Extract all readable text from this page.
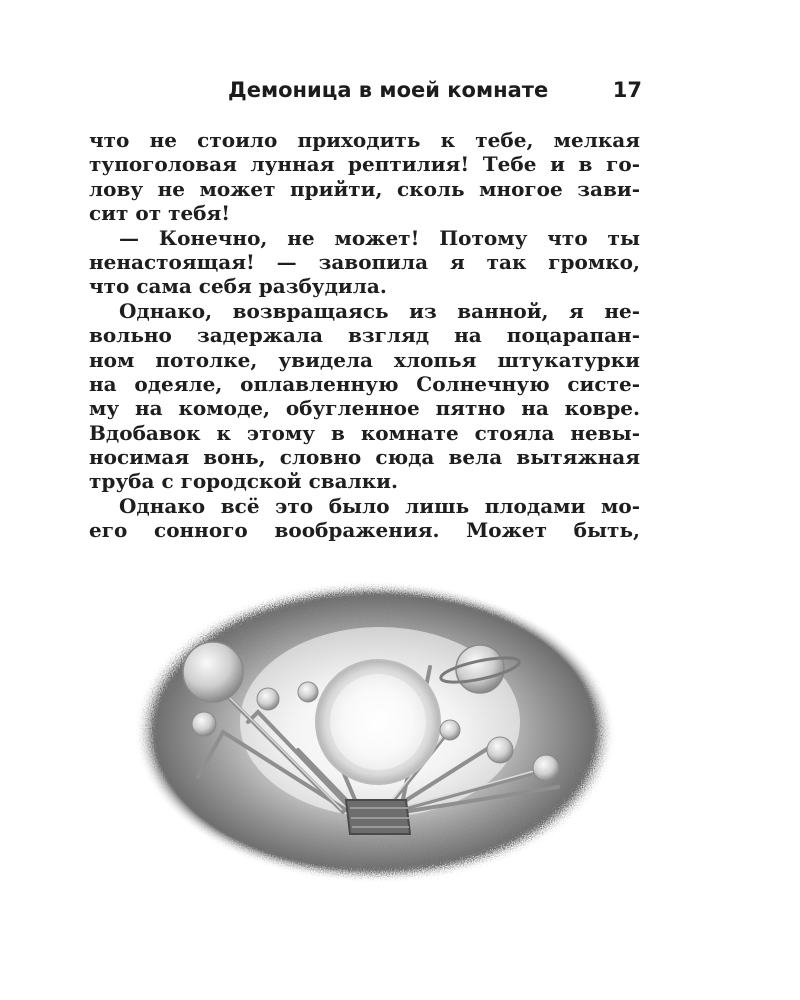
Демоница в моей комнате	17
что не стоило приходить к тебе, мелкая
тупоголовая лунная рептилия! Тебе и в го-
лову не может прийти, сколь многое зави-
сит от тебя!
— Конечно, не может! Потому что ты
ненастоящая! — завопила я так громко,
что сама себя разбудила.
Однако, возвращаясь из ванной, я не-
вольно задержала взгляд на поцарапан-
ном потолке, увидела хлопья штукатурки
на одеяле, оплавленную Солнечную систе-
му на комоде, обугленное пятно на ковре.
Вдобавок к этому в комнате стояла невы-
носимая вонь, словно сюда вела вытяжная
труба с городской свалки.
Однако всё это было лишь плодами мо-
его сонного воображения. Может быть,
